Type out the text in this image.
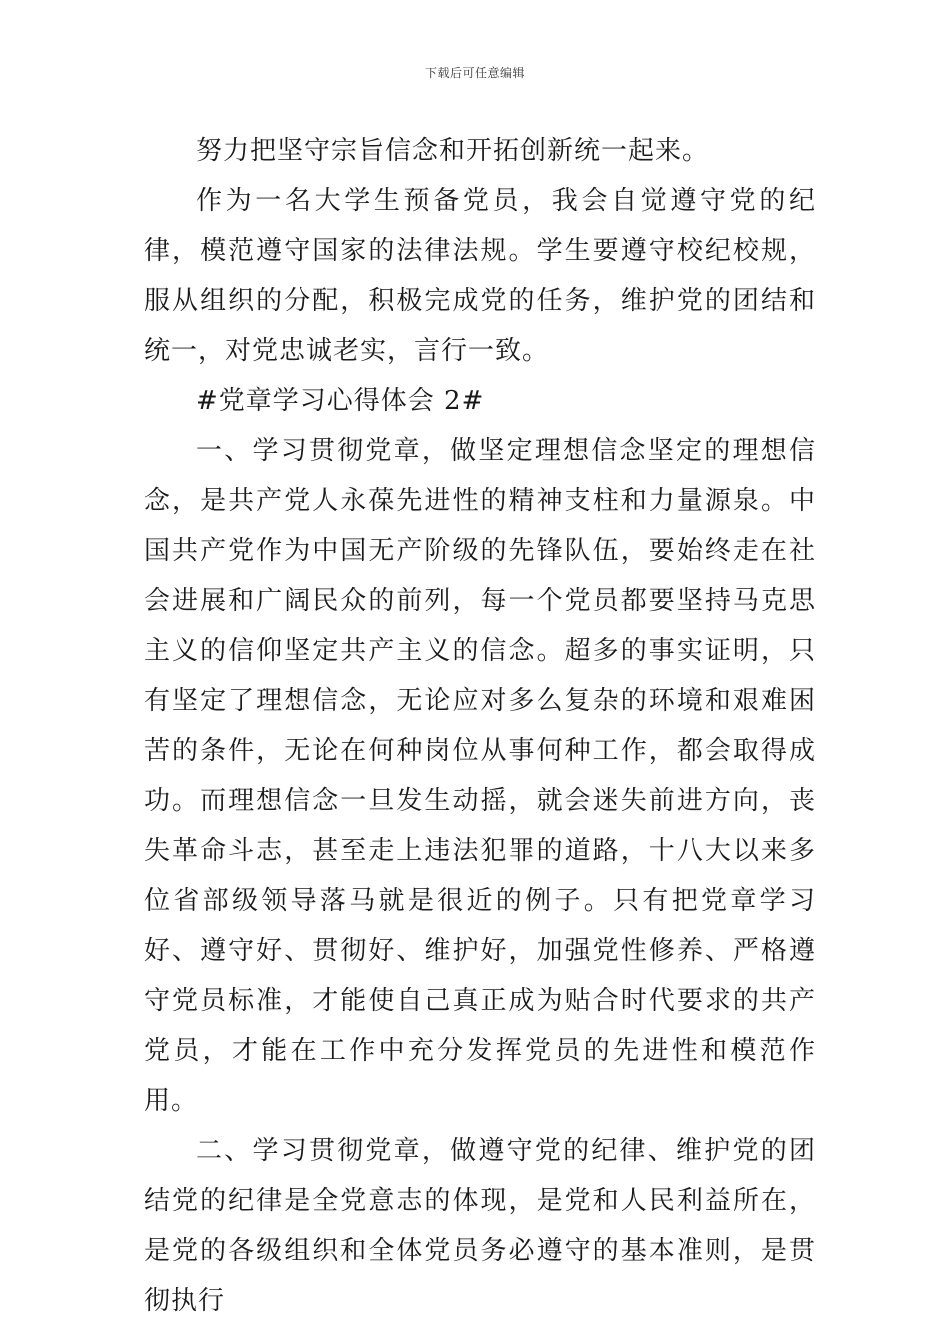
下载后可任意编辑

努力把坚守宗旨信念和开拓创新统一起来。

作为一名大学生预备党员，我会自觉遵守党的纪律，模范遵守国家的法律法规。学生要遵守校纪校规，服从组织的分配，积极完成党的任务，维护党的团结和统一，对党忠诚老实，言行一致。

#党章学习心得体会 2#

一、学习贯彻党章，做坚定理想信念坚定的理想信念，是共产党人永葆先进性的精神支柱和力量源泉。中国共产党作为中国无产阶级的先锋队伍，要始终走在社会进展和广阔民众的前列，每一个党员都要坚持马克思主义的信仰坚定共产主义的信念。超多的事实证明，只有坚定了理想信念，无论应对多么复杂的环境和艰难困苦的条件，无论在何种岗位从事何种工作，都会取得成功。而理想信念一旦发生动摇，就会迷失前进方向，丧失革命斗志，甚至走上违法犯罪的道路，十八大以来多位省部级领导落马就是很近的例子。只有把党章学习好、遵守好、贯彻好、维护好，加强党性修养、严格遵守党员标准，才能使自己真正成为贴合时代要求的共产党员，才能在工作中充分发挥党员的先进性和模范作用。

二、学习贯彻党章，做遵守党的纪律、维护党的团结党的纪律是全党意志的体现，是党和人民利益所在，是党的各级组织和全体党员务必遵守的基本准则，是贯彻执行
